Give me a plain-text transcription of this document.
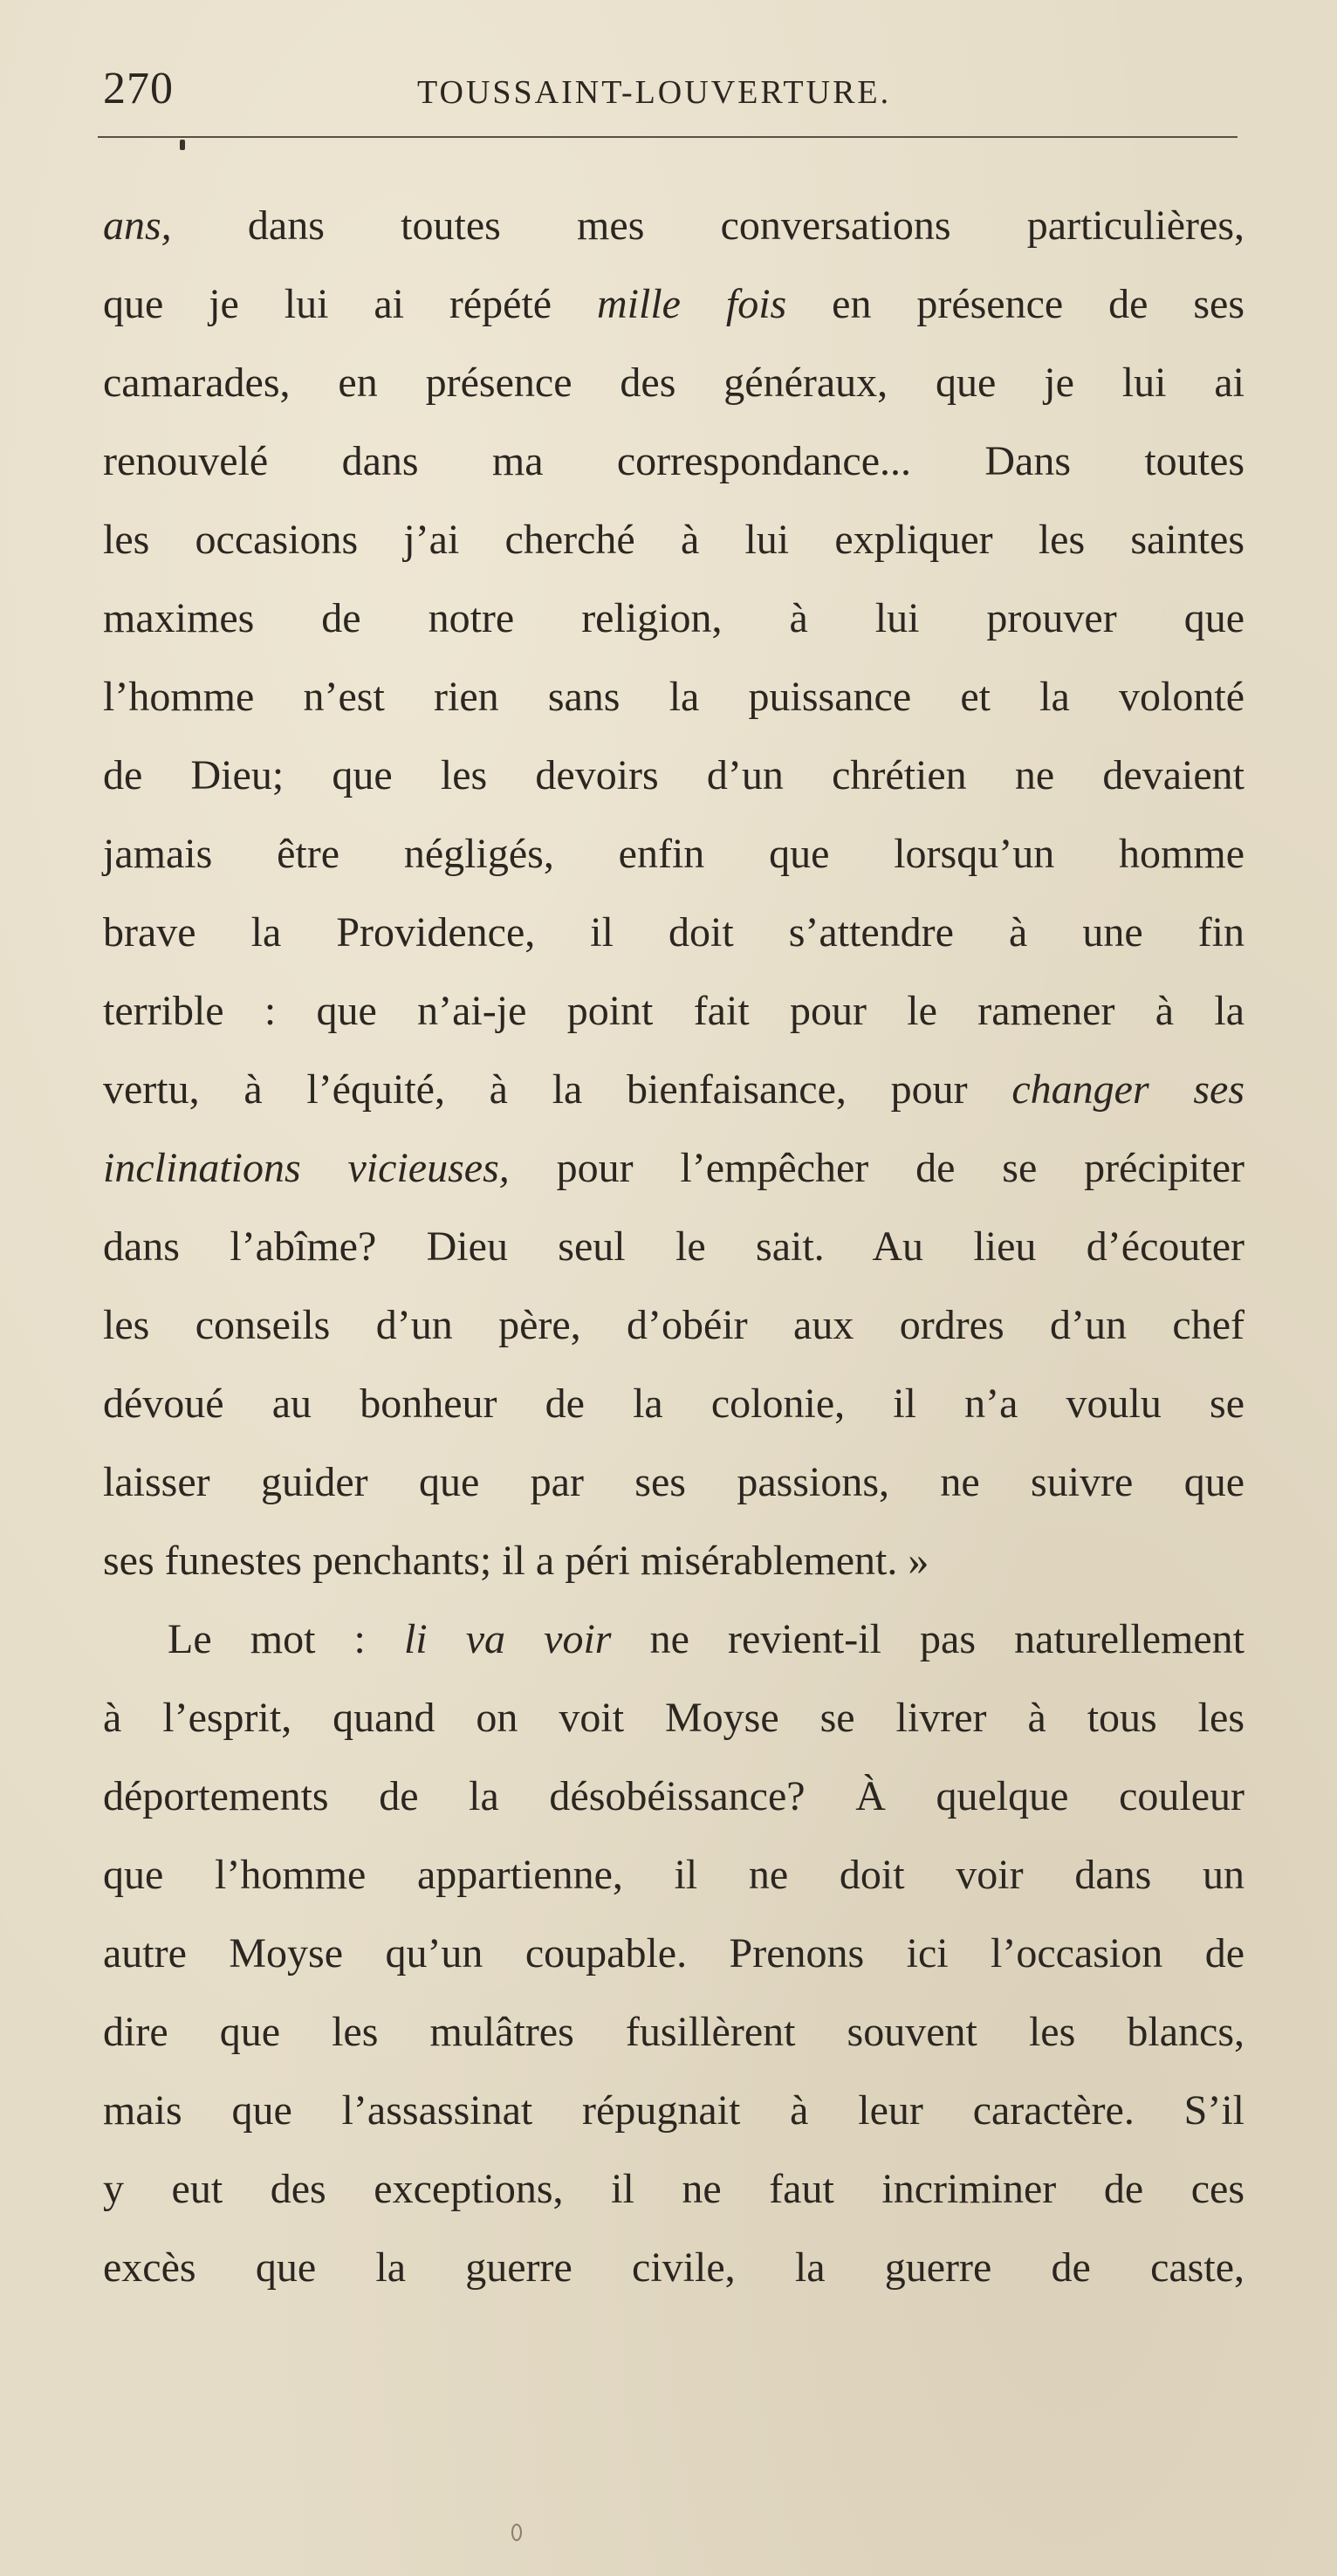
270	TOUSSAINT-LOUVERTURE.
ans, dans toutes mes conversations particulières,
que je lui ai répété mille fois en présence de ses
camarades, en présence des généraux, que je lui ai
renouvelé dans ma correspondance... Dans toutes
les occasions j’ai cherché à lui expliquer les saintes
maximes de notre religion, à lui prouver que
l’homme n’est rien sans la puissance et la volonté
de Dieu; que les devoirs d’un chrétien ne devaient
jamais être négligés, enfin que lorsqu’un homme
brave la Providence, il doit s’attendre à une fin
terrible : que n’ai-je point fait pour le ramener à la
vertu, à l’équité, à la bienfaisance, pour changer ses
inclinations vicieuses, pour l’empêcher de se précipiter
dans l’abîme? Dieu seul le sait. Au lieu d’écouter
les conseils d’un père, d’obéir aux ordres d’un chef
dévoué au bonheur de la colonie, il n’a voulu se
laisser guider que par ses passions, ne suivre que
ses funestes penchants; il a péri misérablement. »
Le mot : li va voir ne revient-il pas naturellement
à l’esprit, quand on voit Moyse se livrer à tous les
déportements de la désobéissance? À quelque couleur
que l’homme appartienne, il ne doit voir dans un
autre Moyse qu’un coupable. Prenons ici l’occasion de
dire que les mulâtres fusillèrent souvent les blancs,
mais que l’assassinat répugnait à leur caractère. S’il
y eut des exceptions, il ne faut incriminer de ces
excès que la guerre civile, la guerre de caste,
